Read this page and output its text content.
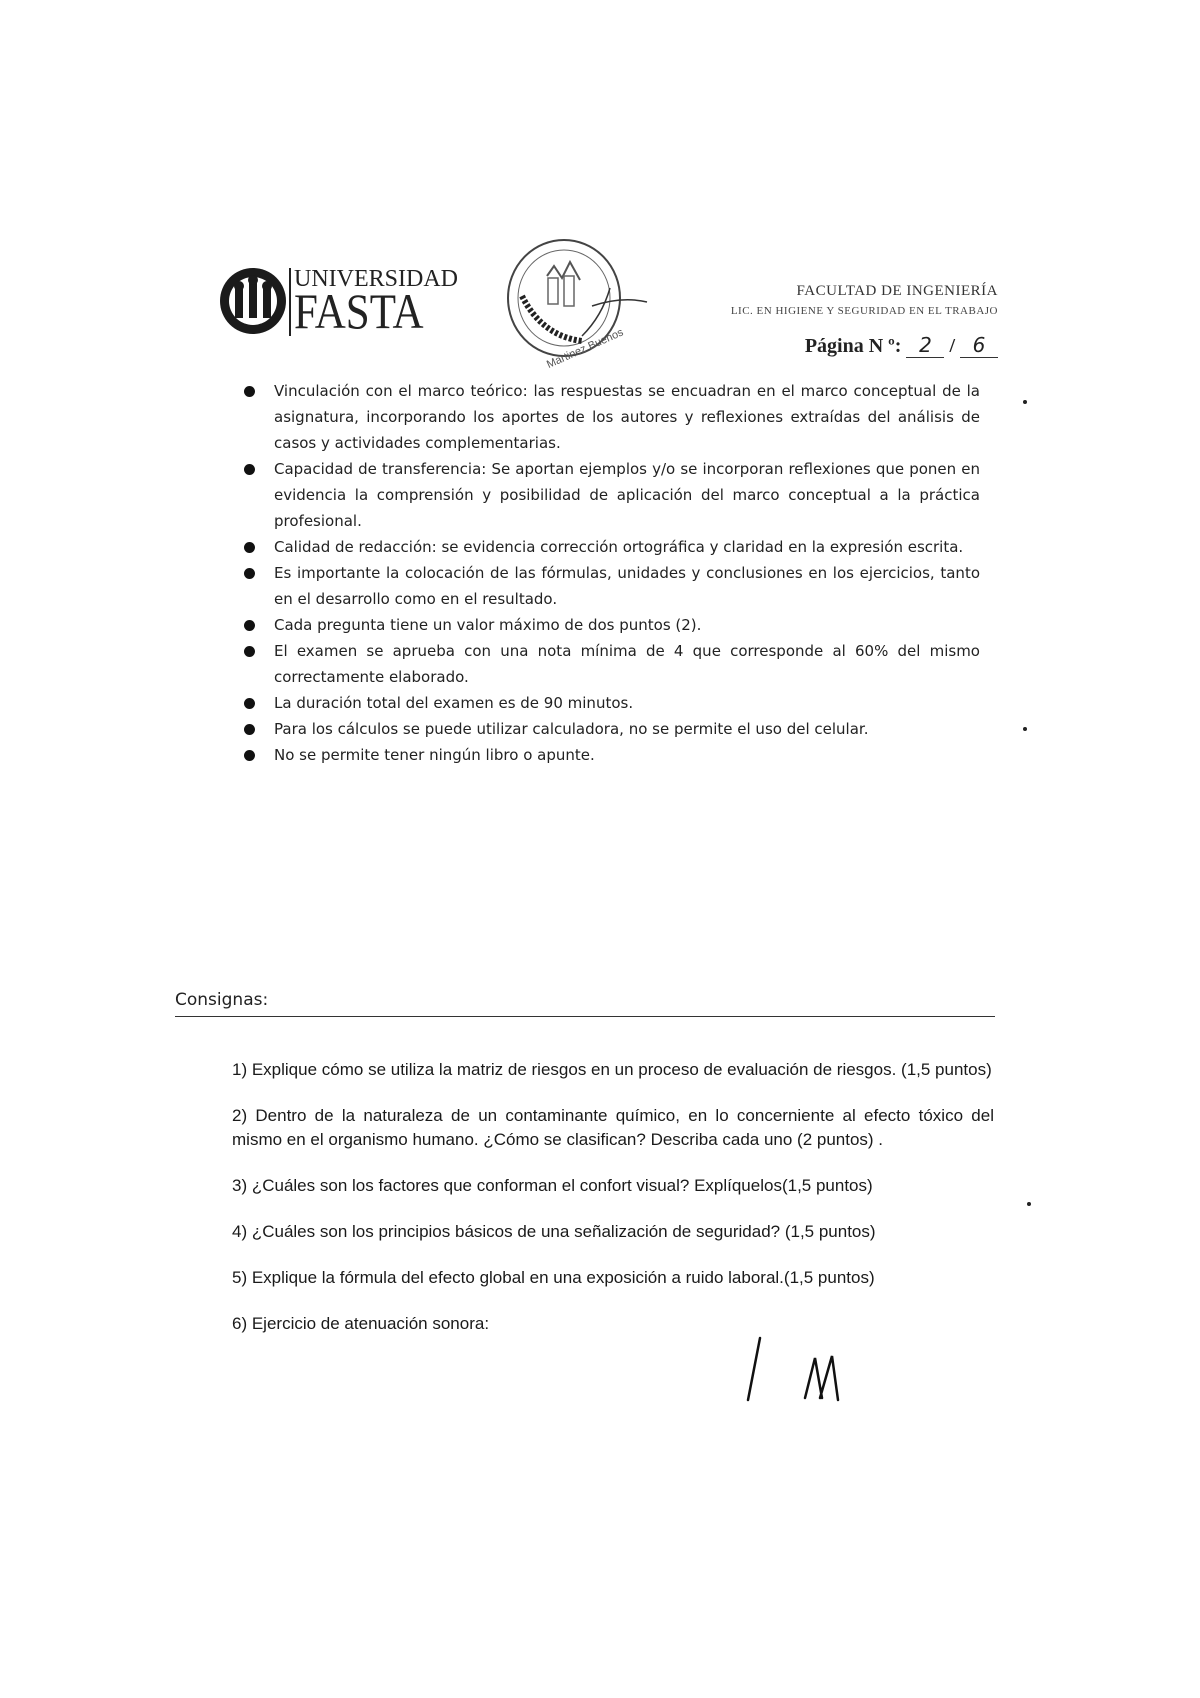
UNIVERSIDAD
FASTA
Martinez Buenos
FACULTAD DE INGENIERÍA
LIC. EN HIGIENE Y SEGURIDAD EN EL TRABAJO
Página N º: 2 / 6
Vinculación con el marco teórico: las respuestas se encuadran en el marco conceptual de la asignatura, incorporando los aportes de los autores y reflexiones extraídas del análisis de casos y actividades complementarias.
Capacidad de transferencia: Se aportan ejemplos y/o se incorporan reflexiones que ponen en evidencia la comprensión y posibilidad de aplicación del marco conceptual a la práctica profesional.
Calidad de redacción: se evidencia corrección ortográfica y claridad en la expresión escrita.
Es importante la colocación de las fórmulas, unidades y conclusiones en los ejercicios, tanto en el desarrollo como en el resultado.
Cada pregunta tiene un valor máximo de dos puntos (2).
El examen se aprueba con una nota mínima de 4 que corresponde al 60% del mismo correctamente elaborado.
La duración total del examen es de 90 minutos.
Para los cálculos se puede utilizar calculadora, no se permite el uso del celular.
No se permite tener ningún libro o apunte.
Consignas:
1) Explique cómo se utiliza la matriz de riesgos en un proceso de evaluación de riesgos. (1,5 puntos)
2) Dentro de la naturaleza de un contaminante químico, en lo concerniente al efecto tóxico del mismo en el organismo humano. ¿Cómo se clasifican? Describa cada uno (2 puntos) .
3) ¿Cuáles son los factores que conforman el confort visual? Explíquelos(1,5 puntos)
4) ¿Cuáles son los principios básicos de una señalización de seguridad? (1,5 puntos)
5) Explique la fórmula del efecto global en una exposición a ruido laboral.(1,5 puntos)
6) Ejercicio de atenuación sonora:
